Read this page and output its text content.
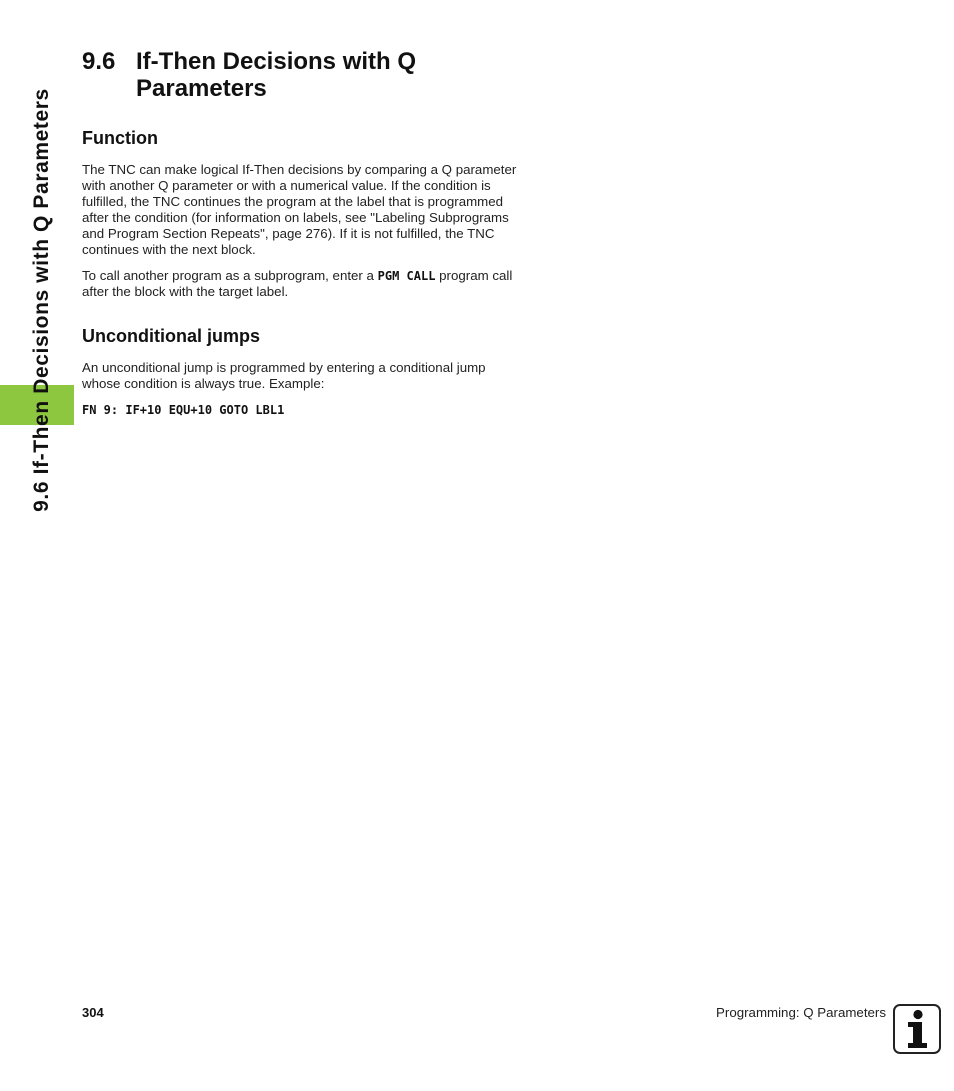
9.6 If-Then Decisions with Q Parameters
9.6 If-Then Decisions with Q
Parameters
Function

The TNC can make logical If-Then decisions by comparing a Q parameter with another Q parameter or with a numerical value. If the condition is fulfilled, the TNC continues the program at the label that is programmed after the condition (for information on labels, see "Labeling Subprograms and Program Section Repeats", page 276). If it is not fulfilled, the TNC continues with the next block.

To call another program as a subprogram, enter a PGM CALL program call after the block with the target label.

Unconditional jumps

An unconditional jump is programmed by entering a conditional jump whose condition is always true. Example:

FN 9: IF+10 EQU+10 GOTO LBL1
304	Programming: Q Parameters
